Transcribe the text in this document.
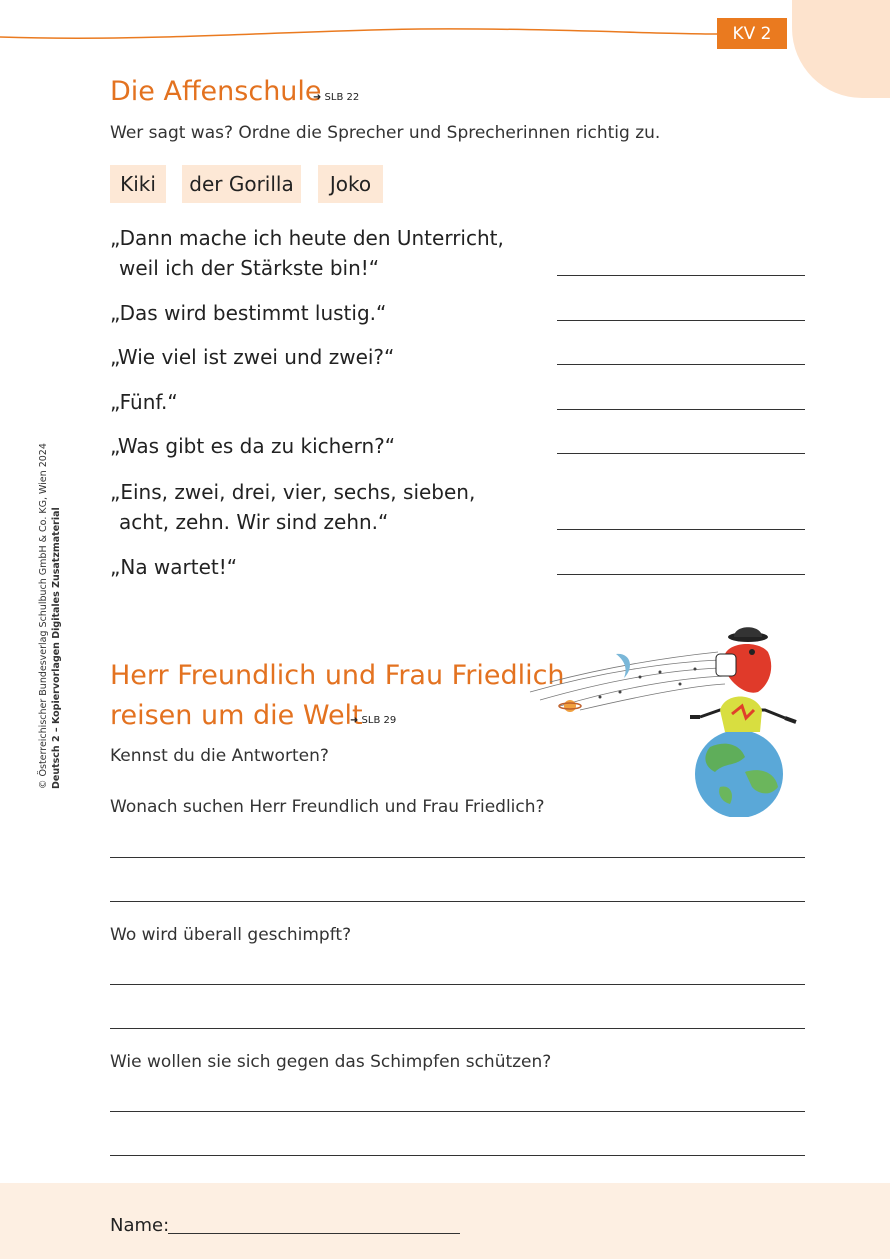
KV 2
© Österreichischer Bundesverlag Schulbuch GmbH & Co. KG, Wien 2024 Deutsch 2 – Kopiervorlagen Digitales Zusatzmaterial
Die Affenschule
➜ SLB 22
Wer sagt was? Ordne die Sprecher und Sprecherinnen richtig zu.
Kiki	der Gorilla	Joko
„Dann mache ich heute den Unterricht,
weil ich der Stärkste bin!“
„Das wird bestimmt lustig.“
„Wie viel ist zwei und zwei?“
„Fünf.“
„Was gibt es da zu kichern?“
„Eins, zwei, drei, vier, sechs, sieben,
acht, zehn. Wir sind zehn.“
„Na wartet!“
Herr Freundlich und Frau Friedlich
reisen um die Welt
➜ SLB 29
Kennst du die Antworten?
Wonach suchen Herr Freundlich und Frau Friedlich?
Wo wird überall geschimpft?
Wie wollen sie sich gegen das Schimpfen schützen?
Name:
